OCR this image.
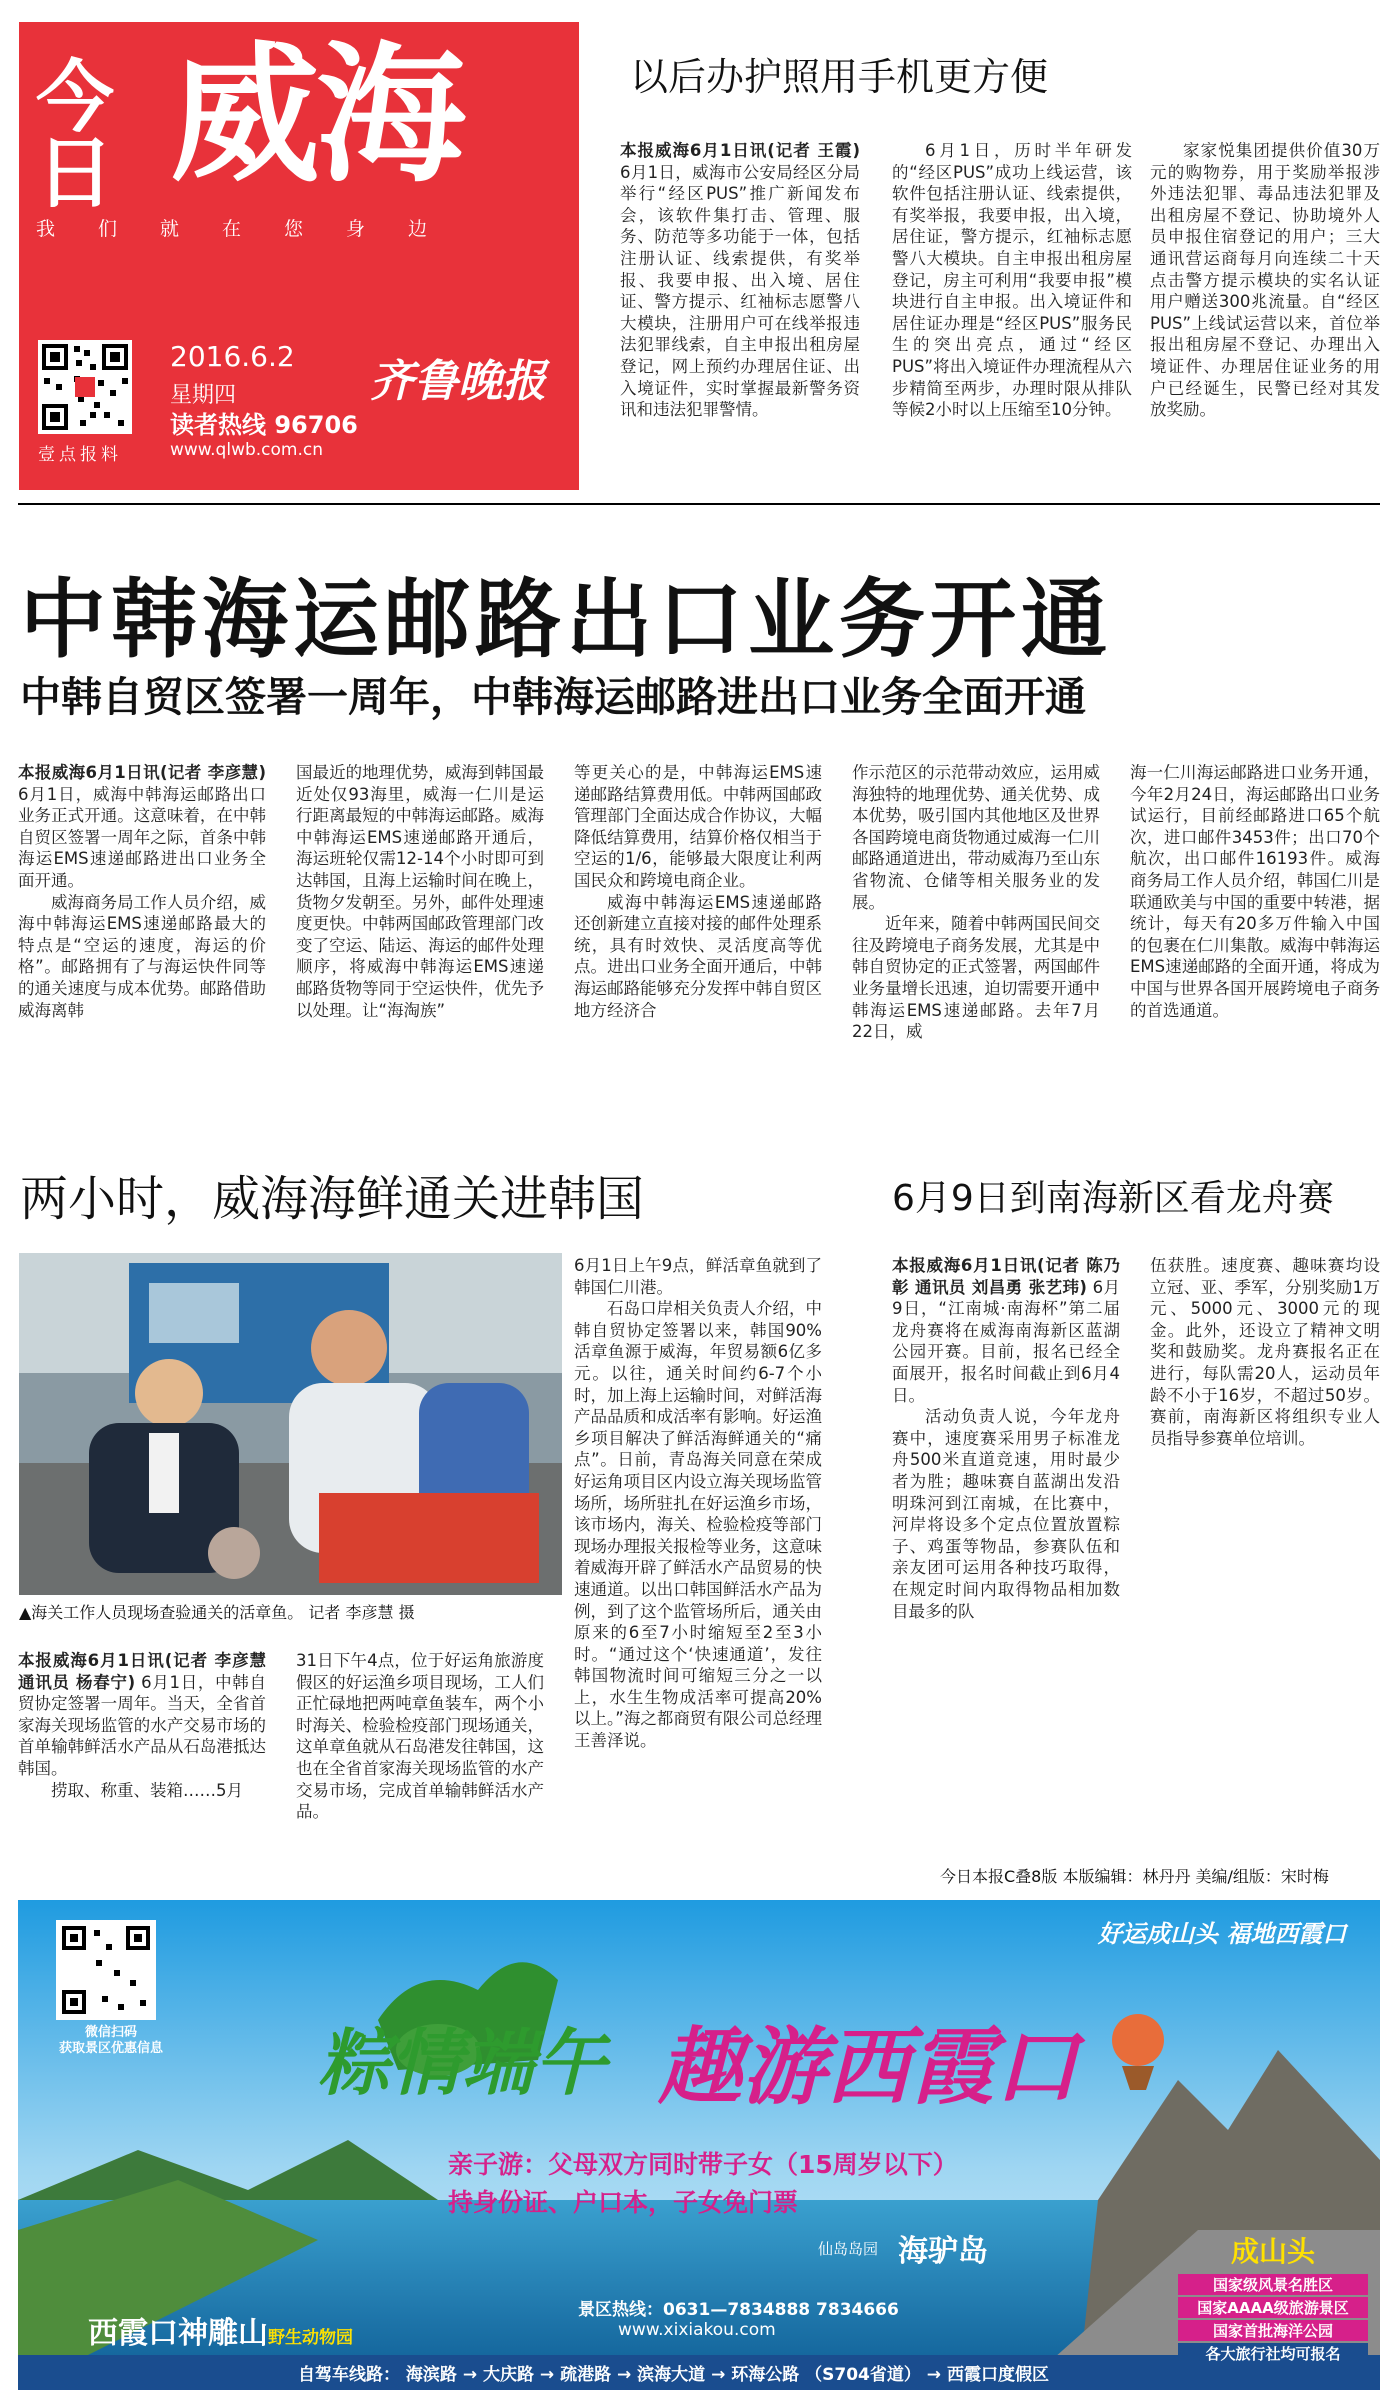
今日 威海
我们就在您身边
壹点报料
2016.6.2
星期四
读者热线 96706
www.qlwb.com.cn
齐鲁晚报
以后办护照用手机更方便

本报威海6月1日讯(记者 王霞) 6月1日，威海市公安局经区分局举行“经区PUS”推广新闻发布会，该软件集打击、管理、服务、防范等多功能于一体，包括注册认证、线索提供，有奖举报、我要申报、出入境、居住证、警方提示、红袖标志愿警八大模块，注册用户可在线举报违法犯罪线索，自主申报出租房屋登记，网上预约办理居住证、出入境证件，实时掌握最新警务资讯和违法犯罪警情。

6月1日，历时半年研发的“经区PUS”成功上线运营，该软件包括注册认证、线索提供，有奖举报，我要申报，出入境，居住证，警方提示，红袖标志愿警八大模块。自主申报出租房屋登记，房主可利用“我要申报”模块进行自主申报。出入境证件和居住证办理是“经区PUS”服务民生的突出亮点，通过“经区PUS”将出入境证件办理流程从六步精简至两步，办理时限从排队等候2小时以上压缩至10分钟。

家家悦集团提供价值30万元的购物券，用于奖励举报涉外违法犯罪、毒品违法犯罪及出租房屋不登记、协助境外人员申报住宿登记的用户；三大通讯营运商每月向连续二十天点击警方提示模块的实名认证用户赠送300兆流量。自“经区PUS”上线试运营以来，首位举报出租房屋不登记、办理出入境证件、办理居住证业务的用户已经诞生，民警已经对其发放奖励。

中韩海运邮路出口业务开通
中韩自贸区签署一周年，中韩海运邮路进出口业务全面开通

本报威海6月1日讯(记者 李彦慧) 6月1日，威海中韩海运邮路出口业务正式开通。这意味着，在中韩自贸区签署一周年之际，首条中韩海运EMS速递邮路进出口业务全面开通。

威海商务局工作人员介绍，威海中韩海运EMS速递邮路最大的特点是“空运的速度，海运的价格”。邮路拥有了与海运快件同等的通关速度与成本优势。邮路借助威海离韩

国最近的地理优势，威海到韩国最近处仅93海里，威海一仁川是运行距离最短的中韩海运邮路。威海中韩海运EMS速递邮路开通后，海运班轮仅需12-14个小时即可到达韩国，且海上运输时间在晚上，货物夕发朝至。另外，邮件处理速度更快。中韩两国邮政管理部门改变了空运、陆运、海运的邮件处理顺序，将威海中韩海运EMS速递邮路货物等同于空运快件，优先予以处理。让“海淘族”

等更关心的是，中韩海运EMS速递邮路结算费用低。中韩两国邮政管理部门全面达成合作协议，大幅降低结算费用，结算价格仅相当于空运的1/6，能够最大限度让利两国民众和跨境电商企业。

威海中韩海运EMS速递邮路还创新建立直接对接的邮件处理系统，具有时效快、灵活度高等优点。进出口业务全面开通后，中韩海运邮路能够充分发挥中韩自贸区地方经济合

作示范区的示范带动效应，运用威海独特的地理优势、通关优势、成本优势，吸引国内其他地区及世界各国跨境电商货物通过威海一仁川邮路通道进出，带动威海乃至山东省物流、仓储等相关服务业的发展。

近年来，随着中韩两国民间交往及跨境电子商务发展，尤其是中韩自贸协定的正式签署，两国邮件业务量增长迅速，迫切需要开通中韩海运EMS速递邮路。去年7月22日，威

海一仁川海运邮路进口业务开通，今年2月24日，海运邮路出口业务试运行，目前经邮路进口65个航次，进口邮件3453件；出口70个航次，出口邮件16193件。威海商务局工作人员介绍，韩国仁川是联通欧美与中国的重要中转港，据统计，每天有20多万件输入中国的包裹在仁川集散。威海中韩海运EMS速递邮路的全面开通，将成为中国与世界各国开展跨境电子商务的首选通道。

两小时，威海海鲜通关进韩国
▲海关工作人员现场查验通关的活章鱼。 记者 李彦慧 摄

本报威海6月1日讯(记者 李彦慧 通讯员 杨春宁) 6月1日，中韩自贸协定签署一周年。当天，全省首家海关现场监管的水产交易市场的首单输韩鲜活水产品从石岛港抵达韩国。

捞取、称重、装箱……5月

31日下午4点，位于好运角旅游度假区的好运渔乡项目现场，工人们正忙碌地把两吨章鱼装车，两个小时海关、检验检疫部门现场通关，这单章鱼就从石岛港发往韩国，这也在全省首家海关现场监管的水产交易市场，完成首单输韩鲜活水产品。

6月1日上午9点，鲜活章鱼就到了韩国仁川港。

石岛口岸相关负责人介绍，中韩自贸协定签署以来，韩国90%活章鱼源于威海，年贸易额6亿多元。以往，通关时间约6-7个小时，加上海上运输时间，对鲜活海产品品质和成活率有影响。好运渔乡项目解决了鲜活海鲜通关的“痛点”。日前，青岛海关同意在荣成好运角项目区内设立海关现场监管场所，场所驻扎在好运渔乡市场，该市场内，海关、检验检疫等部门现场办理报关报检等业务，这意味着威海开辟了鲜活水产品贸易的快速通道。以出口韩国鲜活水产品为例，到了这个监管场所后，通关由原来的6至7小时缩短至2至3小时。“通过这个‘快速通道’，发往韩国物流时间可缩短三分之一以上，水生生物成活率可提高20%以上。”海之都商贸有限公司总经理王善泽说。

6月9日到南海新区看龙舟赛

本报威海6月1日讯(记者 陈乃彰 通讯员 刘昌勇 张艺玮) 6月9日，“江南城·南海杯”第二届龙舟赛将在威海南海新区蓝湖公园开赛。目前，报名已经全面展开，报名时间截止到6月4日。

活动负责人说，今年龙舟赛中，速度赛采用男子标准龙舟500米直道竞速，用时最少者为胜；趣味赛自蓝湖出发沿明珠河到江南城，在比赛中，河岸将设多个定点位置放置粽子、鸡蛋等物品，参赛队伍和亲友团可运用各种技巧取得，在规定时间内取得物品相加数目最多的队

伍获胜。速度赛、趣味赛均设立冠、亚、季军，分别奖励1万元、5000元、3000元的现金。此外，还设立了精神文明奖和鼓励奖。龙舟赛报名正在进行，每队需20人，运动员年龄不小于16岁，不超过50岁。赛前，南海新区将组织专业人员指导参赛单位培训。

今日本报C叠8版 本版编辑：林丹丹 美编/组版：宋时梅
微信扫码
获取景区优惠信息
好运成山头 福地西霞口
粽情端午 趣游西霞口
亲子游：父母双方同时带子女（15周岁以下）
持身份证、户口本，子女免门票
仙岛岛园 海驴岛
景区热线：0631—7834888 7834666
www.xixiakou.com
西霞口神雕山野生动物园
自驾车线路： 海滨路 → 大庆路 → 疏港路 → 滨海大道 → 环海公路 （S704省道） → 西霞口度假区
成山头
国家级风景名胜区
国家AAAA级旅游景区
国家首批海洋公园
各大旅行社均可报名
